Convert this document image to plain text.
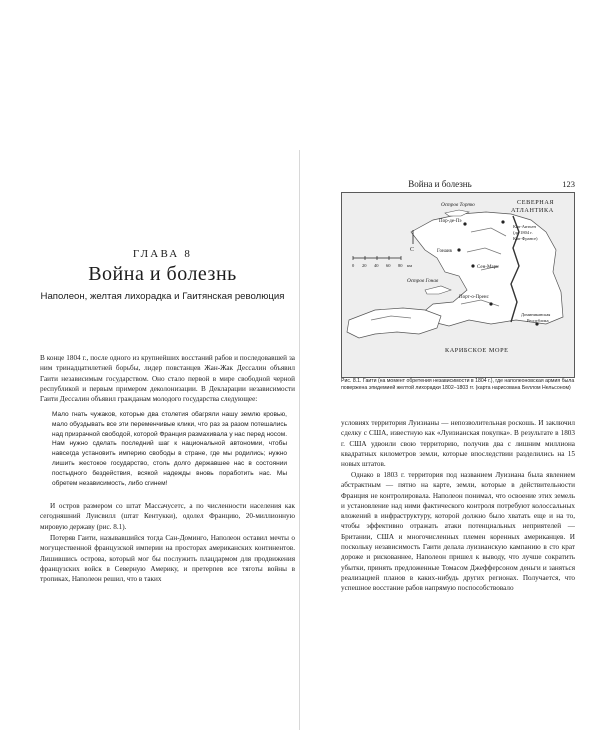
ГЛАВА 8
Война и болезнь
Наполеон, желтая лихорадка и Гаитянская революция

В конце 1804 г., после одного из крупнейших восстаний рабов и последовавшей за ним тринадцатилетней борьбы, лидер повстанцев Жан-Жак Дессалин объявил Гаити независимым государством. Оно стало первой в мире свободной черной республикой и первым примером деколонизации. В Декларации независимости Гаити Дессалин объявил гражданам молодого государства следующее:

Мало гнать чужаков, которые два столетия обагряли нашу землю кровью, мало обуздывать все эти переменчивые клики, что раз за разом потешались над призрачной свободой, которой Франция размахивала у нас перед носом. Нам нужно сделать последний шаг к национальной автономии, чтобы навсегда установить империю свободы в стране, где мы родились; нужно лишить жестокое государство, столь долго державшее нас в состоянии постыдного бездействия, всякой надежды вновь поработить нас. Мы обретем независимость, либо сгинем!

И остров размером со штат Массачусетс, а по численности населения как сегодняшний Луисвилл (штат Кентукки), одолел Францию, 20-миллионную мировую державу (рис. 8.1).

Потеряв Гаити, называвшийся тогда Сан-Доминго, Наполеон оставил мечты о могущественной французской империи на просторах американских континентов. Лишившись острова, который мог бы послужить плацдармом для продвижения французских войск в Северную Америку, и претерпев все тяготы войны в тропиках, Наполеон решил, что в таких

Война и болезнь	123
С
0 20 40 60 80 км
Остров Тортю
Пор-де-Пэ
СЕВЕРНАЯ
АТЛАНТИКА
Кап-Аитьен
(до 1804 г.
Кап-Франсе)
Гонаив
Сен-Марк
Остров Гонав
Порт-о-Пренс
Доминиканская
Республика
КАРИБСКОЕ МОРЕ

Рис. 8.1. Гаити (на момент обретения независимости в 1804 г.), где наполеоновская армия была повержена эпидемией желтой лихорадки 1802–1803 гг. (карта нарисована Беллом Нельсоном)

условиях территория Луизианы — непозволительная роскошь. И заключил сделку с США, известную как «Луизианская покупка». В результате в 1803 г. США удвоили свою территорию, получив два с лишним миллиона квадратных километров земли, которые впоследствии разделились на 15 новых штатов.

Однако в 1803 г. территория под названием Луизиана была явлением абстрактным — пятно на карте, земли, которые в действительности Франция не контролировала. Наполеон понимал, что освоение этих земель и установление над ними фактического контроля потребуют колоссальных вложений в инфраструктуру, которой должно было хватать еще и на то, чтобы эффективно отражать атаки потенциальных неприятелей — Британии, США и многочисленных племен коренных американцев. И поскольку независимость Гаити делала луизианскую кампанию в сто крат дороже и рискованнее, Наполеон пришел к выводу, что лучше сократить убытки, принять предложенные Томасом Джефферсоном деньги и заняться реализацией планов в каких-нибудь других регионах. Получается, что успешное восстание рабов напрямую поспособствовало
